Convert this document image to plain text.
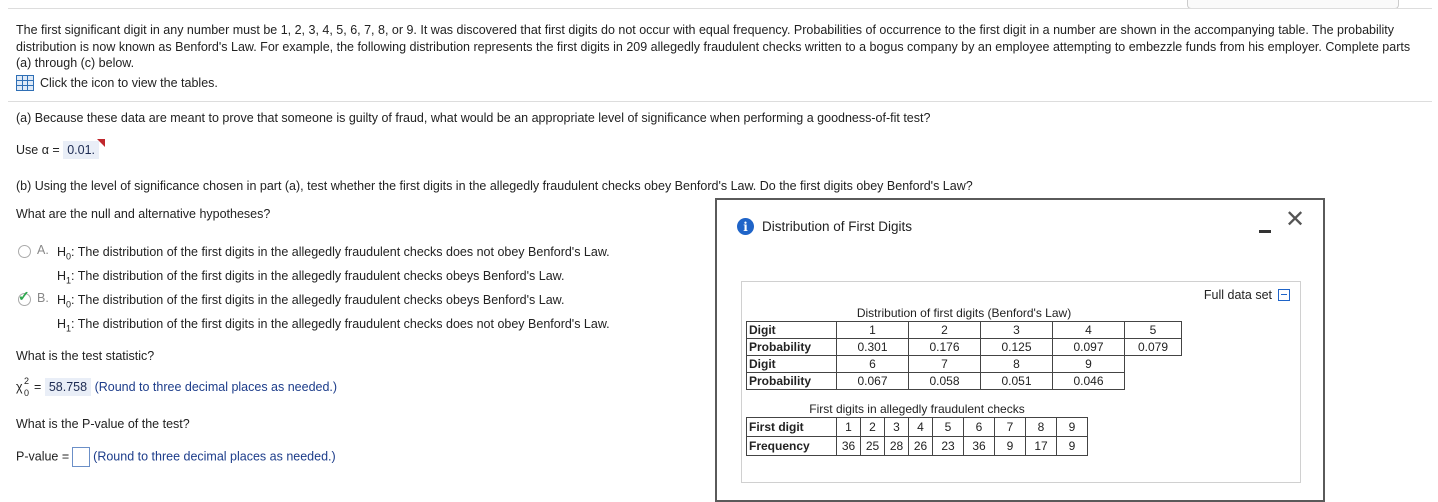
The first significant digit in any number must be 1, 2, 3, 4, 5, 6, 7, 8, or 9. It was discovered that first digits do not occur with equal frequency. Probabilities of occurrence to the first digit in a number are shown in the accompanying table. The probability distribution is now known as Benford's Law. For example, the following distribution represents the first digits in 209 allegedly fraudulent checks written to a bogus company by an employee attempting to embezzle funds from his employer. Complete parts (a) through (c) below.
Click the icon to view the tables.
(a) Because these data are meant to prove that someone is guilty of fraud, what would be an appropriate level of significance when performing a goodness-of-fit test?
Use α = 0.01.
(b) Using the level of significance chosen in part (a), test whether the first digits in the allegedly fraudulent checks obey Benford's Law. Do the first digits obey Benford's Law?
What are the null and alternative hypotheses?
A. $H_0$: The distribution of the first digits in the allegedly fraudulent checks does not obey Benford's Law.
$H_1$: The distribution of the first digits in the allegedly fraudulent checks obeys Benford's Law.
✓ B. $H_0$: The distribution of the first digits in the allegedly fraudulent checks obeys Benford's Law.
$H_1$: The distribution of the first digits in the allegedly fraudulent checks does not obey Benford's Law.
What is the test statistic?
χ 2
0 = 58.758 (Round to three decimal places as needed.)
What is the P-value of the test?
P-value = (Round to three decimal places as needed.)
i	Distribution of First Digits	✕
Full data set
Distribution of first digits (Benford's Law)					
Digit	1	2	3	4	5
Probability	0.301	0.176	0.125	0.097	0.079
Digit	6	7	8	9	
Probability	0.067	0.058	0.051	0.046	
First digits in allegedly fraudulent checks									
First digit	1	2	3	4	5	6	7	8	9
Frequency	36	25	28	26	23	36	9	17	9
